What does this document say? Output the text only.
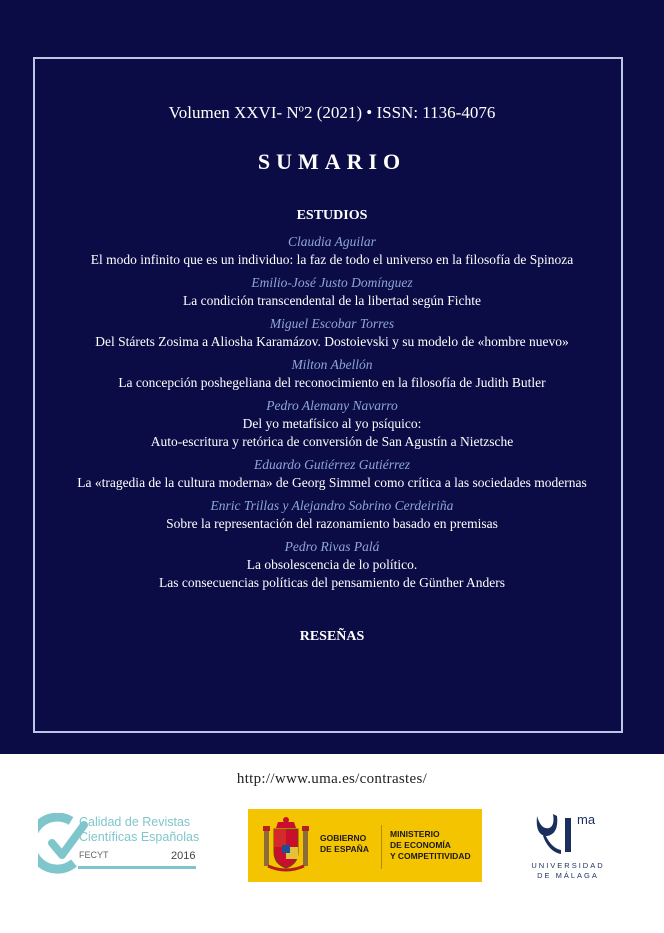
Volumen XXVI- Nº2 (2021) • ISSN: 1136-4076
SUMARIO
ESTUDIOS
Claudia Aguilar
El modo infinito que es un individuo: la faz de todo el universo en la filosofía de Spinoza
Emilio-José Justo Domínguez
La condición transcendental de la libertad según Fichte
Miguel Escobar Torres
Del Stárets Zosima a Aliosha Karamázov. Dostoievski y su modelo de «hombre nuevo»
Milton Abellón
La concepción poshegeliana del reconocimiento en la filosofía de Judith Butler
Pedro Alemany Navarro
Del yo metafísico al yo psíquico:
Auto-escritura y retórica de conversión de San Agustín a Nietzsche
Eduardo Gutiérrez Gutiérrez
La «tragedia de la cultura moderna» de Georg Simmel como crítica a las sociedades modernas
Enric Trillas y Alejandro Sobrino Cerdeiriña
Sobre la representación del razonamiento basado en premisas
Pedro Rivas Palá
La obsolescencia de lo político.
Las consecuencias políticas del pensamiento de Günther Anders
RESEÑAS
http://www.uma.es/contrastes/
Calidad de Revistas
Científicas Españolas
FECYT	2016
GOBIERNO
DE ESPAÑA
MINISTERIO
DE ECONOMÍA
Y COMPETITIVIDAD
ma
UNIVERSIDAD
DE MÁLAGA
